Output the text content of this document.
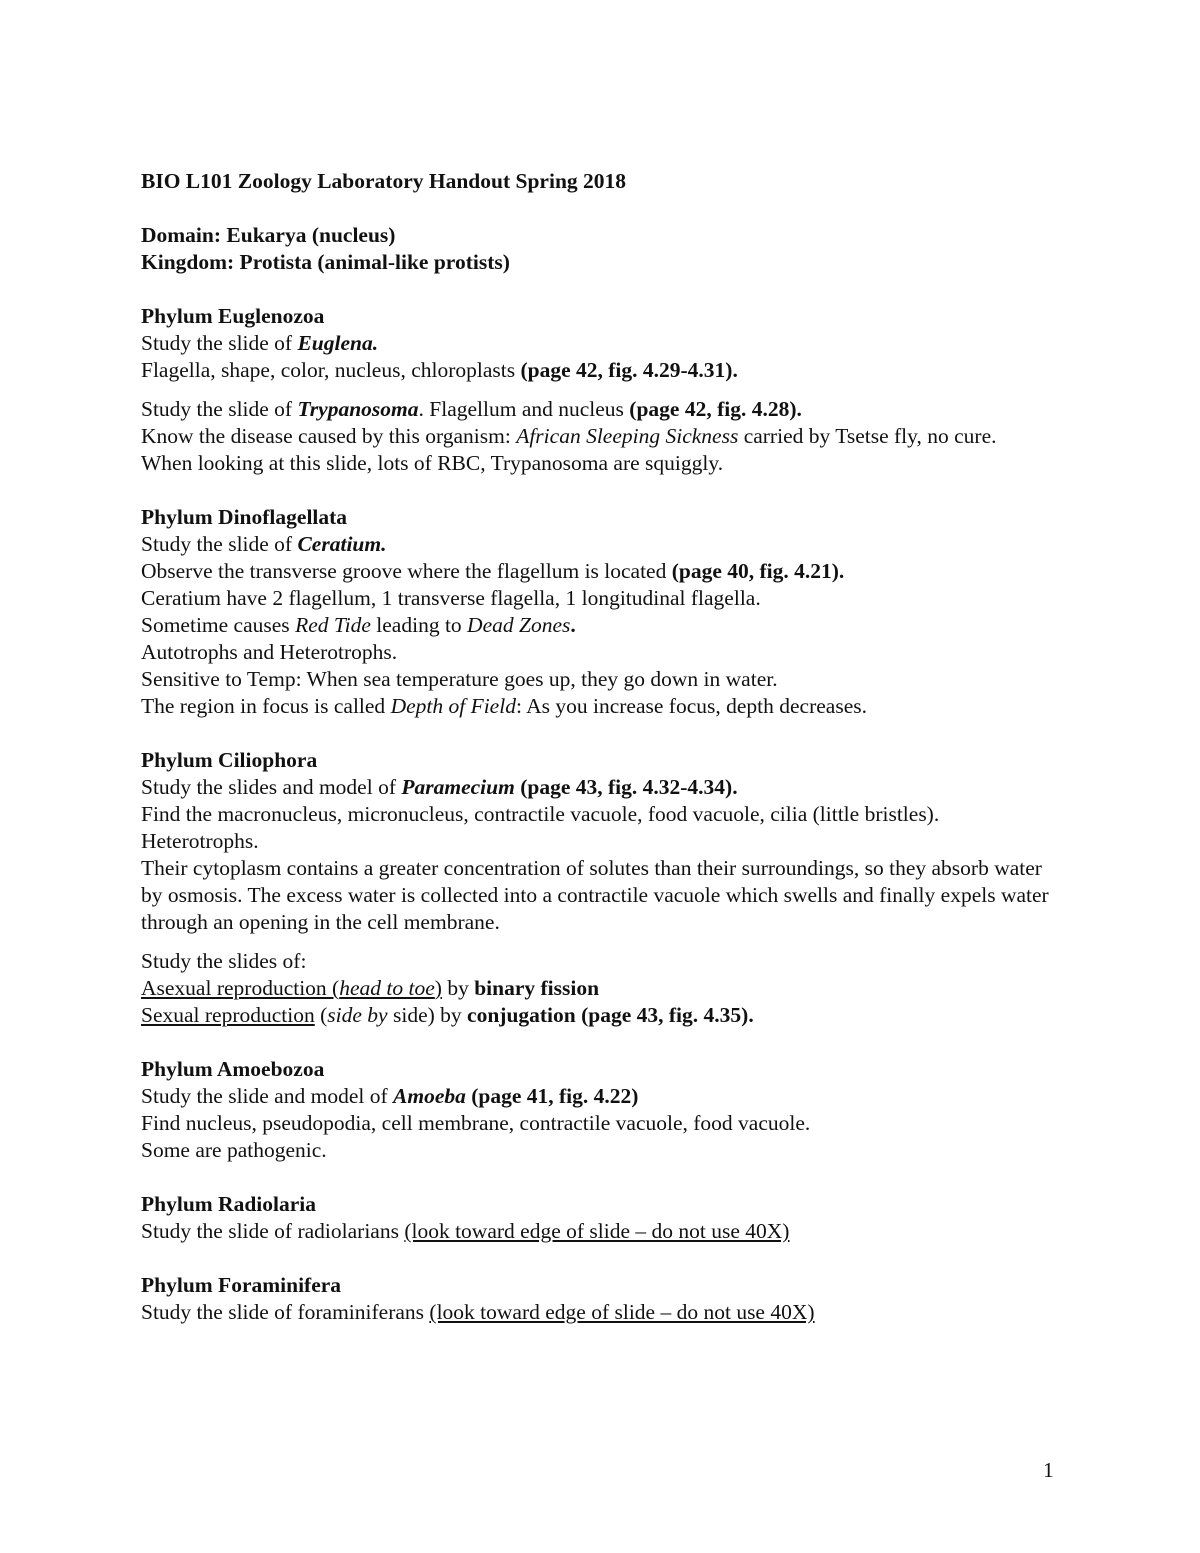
BIO L101 Zoology Laboratory Handout Spring 2018
Domain: Eukarya (nucleus)
Kingdom: Protista (animal-like protists)
Phylum Euglenozoa
Study the slide of Euglena.
Flagella, shape, color, nucleus, chloroplasts (page 42, fig. 4.29-4.31).
Study the slide of Trypanosoma. Flagellum and nucleus (page 42, fig. 4.28).
Know the disease caused by this organism: African Sleeping Sickness carried by Tsetse fly, no cure.
When looking at this slide, lots of RBC, Trypanosoma are squiggly.
Phylum Dinoflagellata
Study the slide of Ceratium.
Observe the transverse groove where the flagellum is located (page 40, fig. 4.21).
Ceratium have 2 flagellum, 1 transverse flagella, 1 longitudinal flagella.
Sometime causes Red Tide leading to Dead Zones.
Autotrophs and Heterotrophs.
Sensitive to Temp: When sea temperature goes up, they go down in water.
The region in focus is called Depth of Field: As you increase focus, depth decreases.
Phylum Ciliophora
Study the slides and model of Paramecium (page 43, fig. 4.32-4.34).
Find the macronucleus, micronucleus, contractile vacuole, food vacuole, cilia (little bristles).
Heterotrophs.
Their cytoplasm contains a greater concentration of solutes than their surroundings, so they absorb water by osmosis. The excess water is collected into a contractile vacuole which swells and finally expels water through an opening in the cell membrane.
Study the slides of:
Asexual reproduction (head to toe) by binary fission
Sexual reproduction (side by side) by conjugation (page 43, fig. 4.35).
Phylum Amoebozoa
Study the slide and model of Amoeba (page 41, fig. 4.22)
Find nucleus, pseudopodia, cell membrane, contractile vacuole, food vacuole.
Some are pathogenic.
Phylum Radiolaria
Study the slide of radiolarians (look toward edge of slide – do not use 40X)
Phylum Foraminifera
Study the slide of foraminiferans (look toward edge of slide – do not use 40X)
1
